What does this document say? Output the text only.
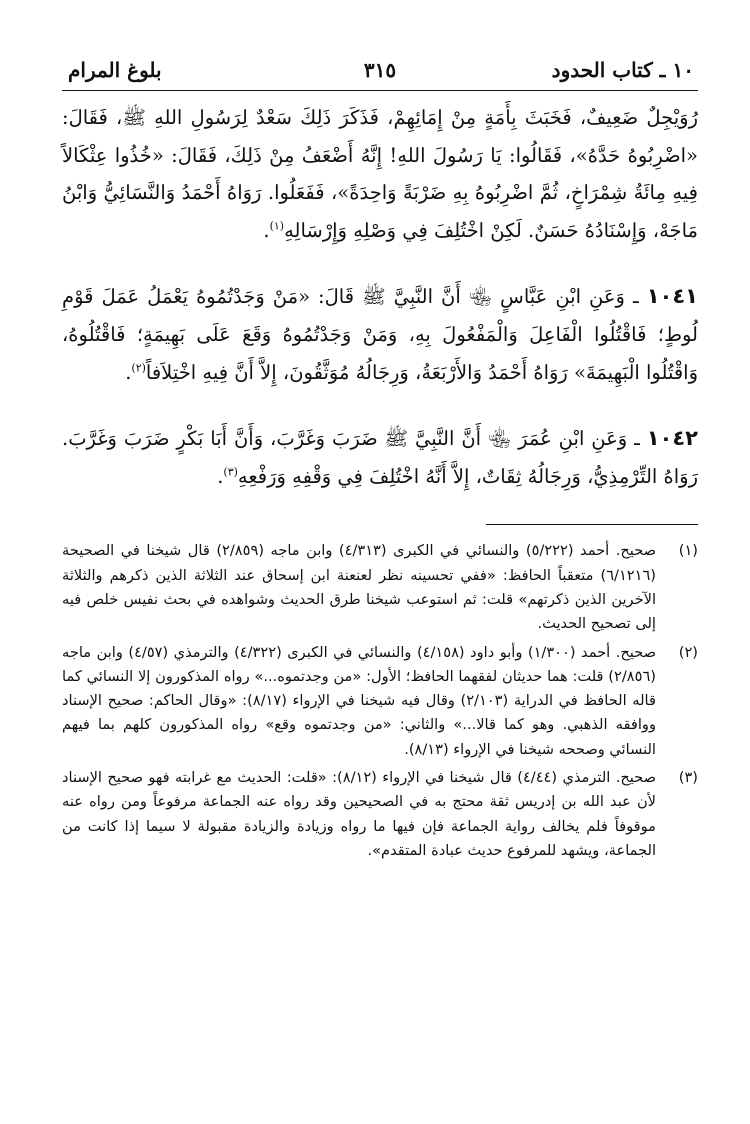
١٠ ـ كتاب الحدود
٣١٥
بلوغ المرام

رُوَيْجِلٌ ضَعِيفٌ، فَخَبَثَ بِأَمَةٍ مِنْ إِمَائِهِمْ، فَذَكَرَ ذَلِكَ سَعْدٌ لِرَسُولِ اللهِ ﷺ، فَقَالَ: «اضْرِبُوهُ حَدَّهُ»، فَقَالُوا: يَا رَسُولَ اللهِ! إِنَّهُ أَضْعَفُ مِنْ ذَلِكَ، فَقَالَ: «خُذُوا عِثْكَالاً فِيهِ مِائَةُ شِمْرَاخٍ، ثُمَّ اضْرِبُوهُ بِهِ ضَرْبَةً وَاحِدَةً»، فَفَعَلُوا. رَوَاهُ أَحْمَدُ وَالنَّسَائِيُّ وَابْنُ مَاجَهْ، وَإِسْنَادُهُ حَسَنٌ. لَكِنْ اخْتُلِفَ فِي وَصْلِهِ وَإِرْسَالِهِ$^{(١)}$.

١٠٤١ ـ وَعَنِ ابْنِ عَبَّاسٍ ﵄ أَنَّ النَّبِيَّ ﷺ قَالَ: «مَنْ وَجَدْتُمُوهُ يَعْمَلُ عَمَلَ قَوْمِ لُوطٍ؛ فَاقْتُلُوا الْفَاعِلَ وَالْمَفْعُولَ بِهِ، وَمَنْ وَجَدْتُمُوهُ وَقَعَ عَلَى بَهِيمَةٍ؛ فَاقْتُلُوهُ، وَاقْتُلُوا الْبَهِيمَةَ» رَوَاهُ أَحْمَدُ وَالأَرْبَعَةُ، وَرِجَالُهُ مُوَثَّقُونَ، إِلاَّ أَنَّ فِيهِ اخْتِلاَفاً$^{(٢)}$.

١٠٤٢ ـ وَعَنِ ابْنِ عُمَرَ ﵄ أَنَّ النَّبِيَّ ﷺ ضَرَبَ وَغَرَّبَ، وَأَنَّ أَبَا بَكْرٍ ضَرَبَ وَغَرَّبَ. رَوَاهُ التِّرْمِذِيُّ، وَرِجَالُهُ ثِقَاتٌ، إِلاَّ أَنَّهُ اخْتُلِفَ فِي وَقْفِهِ وَرَفْعِهِ$^{(٣)}$.

(١)
صحيح. أحمد (٥/٢٢٢) والنسائي في الكبرى (٤/٣١٣) وابن ماجه (٢/٨٥٩) قال شيخنا في الصحيحة (٦/١٢١٦) متعقباً الحافظ: «ففي تحسينه نظر لعنعنة ابن إسحاق عند الثلاثة الذين ذكرهم والثلاثة الآخرين الذين ذكرتهم» قلت: ثم استوعب شيخنا طرق الحديث وشواهده في بحث نفيس خلص فيه إلى تصحيح الحديث.
(٢)
صحيح. أحمد (١/٣٠٠) وأبو داود (٤/١٥٨) والنسائي في الكبرى (٤/٣٢٢) والترمذي (٤/٥٧) وابن ماجه (٢/٨٥٦) قلت: هما حديثان لفقهما الحافظ؛ الأول: «من وجدتموه...» رواه المذكورون إلا النسائي كما قاله الحافظ في الدراية (٢/١٠٣) وقال فيه شيخنا في الإرواء (٨/١٧): «وقال الحاكم: صحيح الإسناد ووافقه الذهبي. وهو كما قالا...» والثاني: «من وجدتموه وقع» رواه المذكورون كلهم بما فيهم النسائي وصححه شيخنا في الإرواء (٨/١٣).
(٣)
صحيح. الترمذي (٤/٤٤) قال شيخنا في الإرواء (٨/١٢): «قلت: الحديث مع غرابته فهو صحيح الإسناد لأن عبد الله بن إدريس ثقة محتج به في الصحيحين وقد رواه عنه الجماعة مرفوعاً ومن رواه عنه موقوفاً فلم يخالف رواية الجماعة فإن فيها ما رواه وزيادة والزيادة مقبولة لا سيما إذا كانت من الجماعة، ويشهد للمرفوع حديث عبادة المتقدم».
